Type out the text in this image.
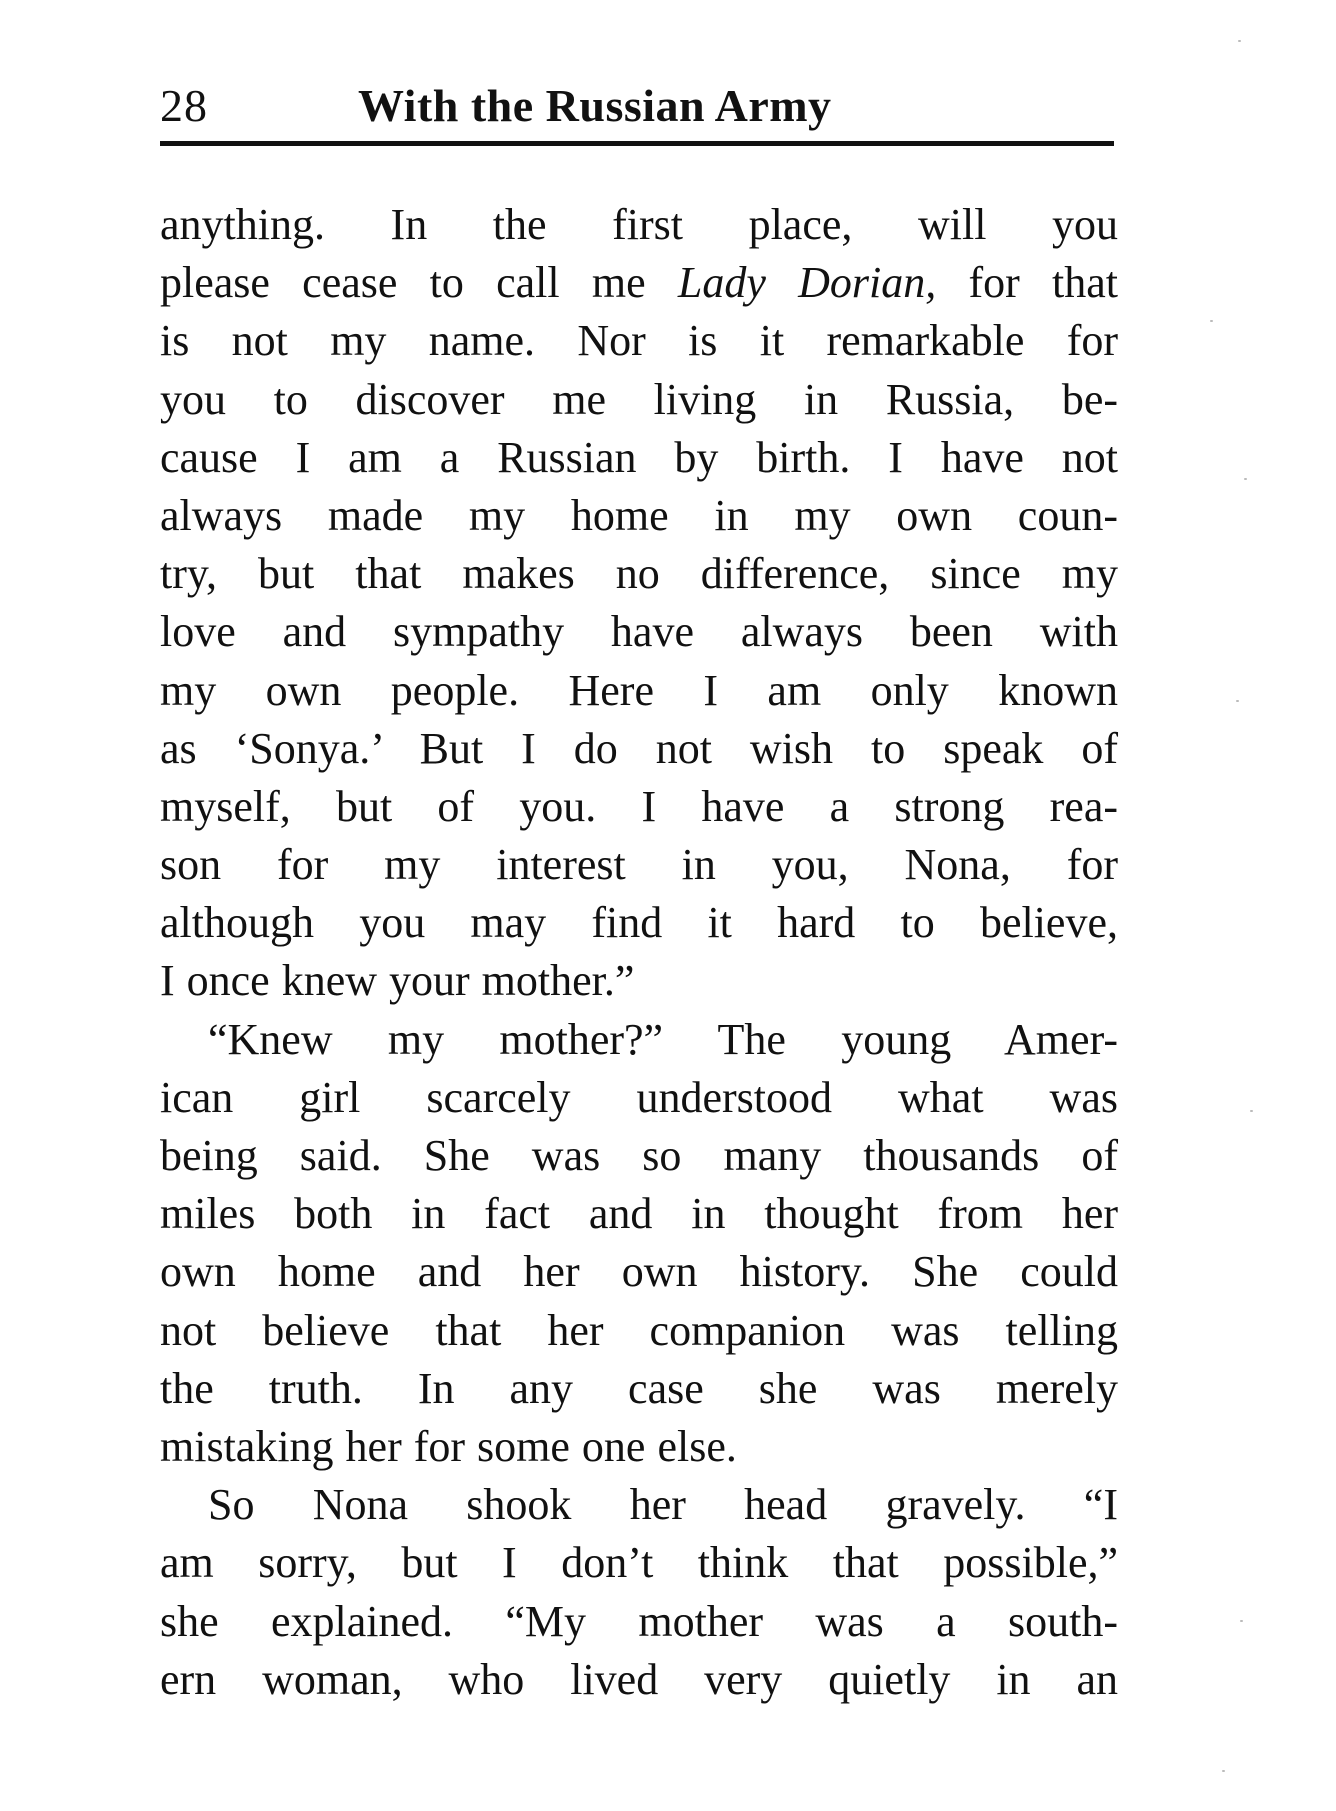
28	With the Russian Army
anything. In the first place, will you
please cease to call me Lady Dorian, for that
is not my name. Nor is it remarkable for
you to discover me living in Russia, be-
cause I am a Russian by birth. I have not
always made my home in my own coun-
try, but that makes no difference, since my
love and sympathy have always been with
my own people. Here I am only known
as ‘Sonya.’ But I do not wish to speak of
myself, but of you. I have a strong rea-
son for my interest in you, Nona, for
although you may find it hard to believe,
I once knew your mother.”
“Knew my mother?” The young Amer-
ican girl scarcely understood what was
being said. She was so many thousands of
miles both in fact and in thought from her
own home and her own history. She could
not believe that her companion was telling
the truth. In any case she was merely
mistaking her for some one else.
So Nona shook her head gravely. “I
am sorry, but I don’t think that possible,”
she explained. “My mother was a south-
ern woman, who lived very quietly in an
